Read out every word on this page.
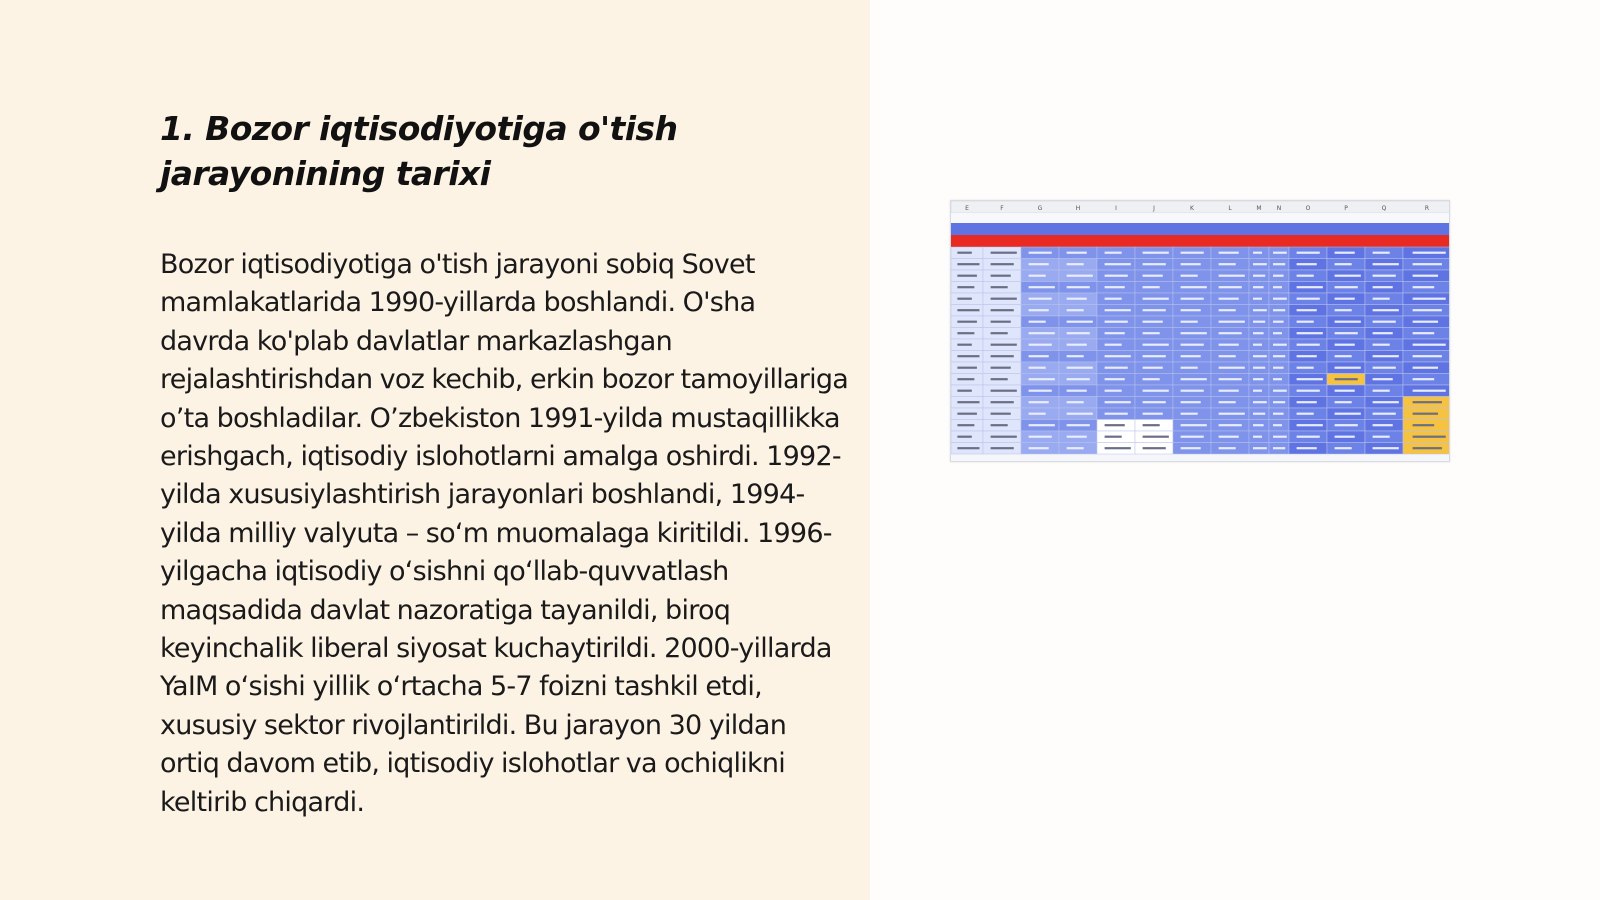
1. Bozor iqtisodiyotiga o'tish jarayonining tarixi

Bozor iqtisodiyotiga o'tish jarayoni sobiq Sovet mamlakatlarida 1990-yillarda boshlandi. O'sha davrda ko'plab davlatlar markazlashgan rejalashtirishdan voz kechib, erkin bozor tamoyillariga o’ta boshladilar. O’zbekiston 1991-yilda mustaqillikka erishgach, iqtisodiy islohotlarni amalga oshirdi. 1992-yilda xususiylashtirish jarayonlari boshlandi, 1994-yilda milliy valyuta – so‘m muomalaga kiritildi. 1996-yilgacha iqtisodiy o‘sishni qo‘llab-quvvatlash maqsadida davlat nazoratiga tayanildi, biroq keyinchalik liberal siyosat kuchaytirildi. 2000-yillarda YaIM o‘sishi yillik o‘rtacha 5-7 foizni tashkil etdi, xususiy sektor rivojlantirildi. Bu jarayon 30 yildan ortiq davom etib, iqtisodiy islohotlar va ochiqlikni keltirib chiqardi.

E	F	G	H	I	J	K	L	M	N	O	P	Q	R
